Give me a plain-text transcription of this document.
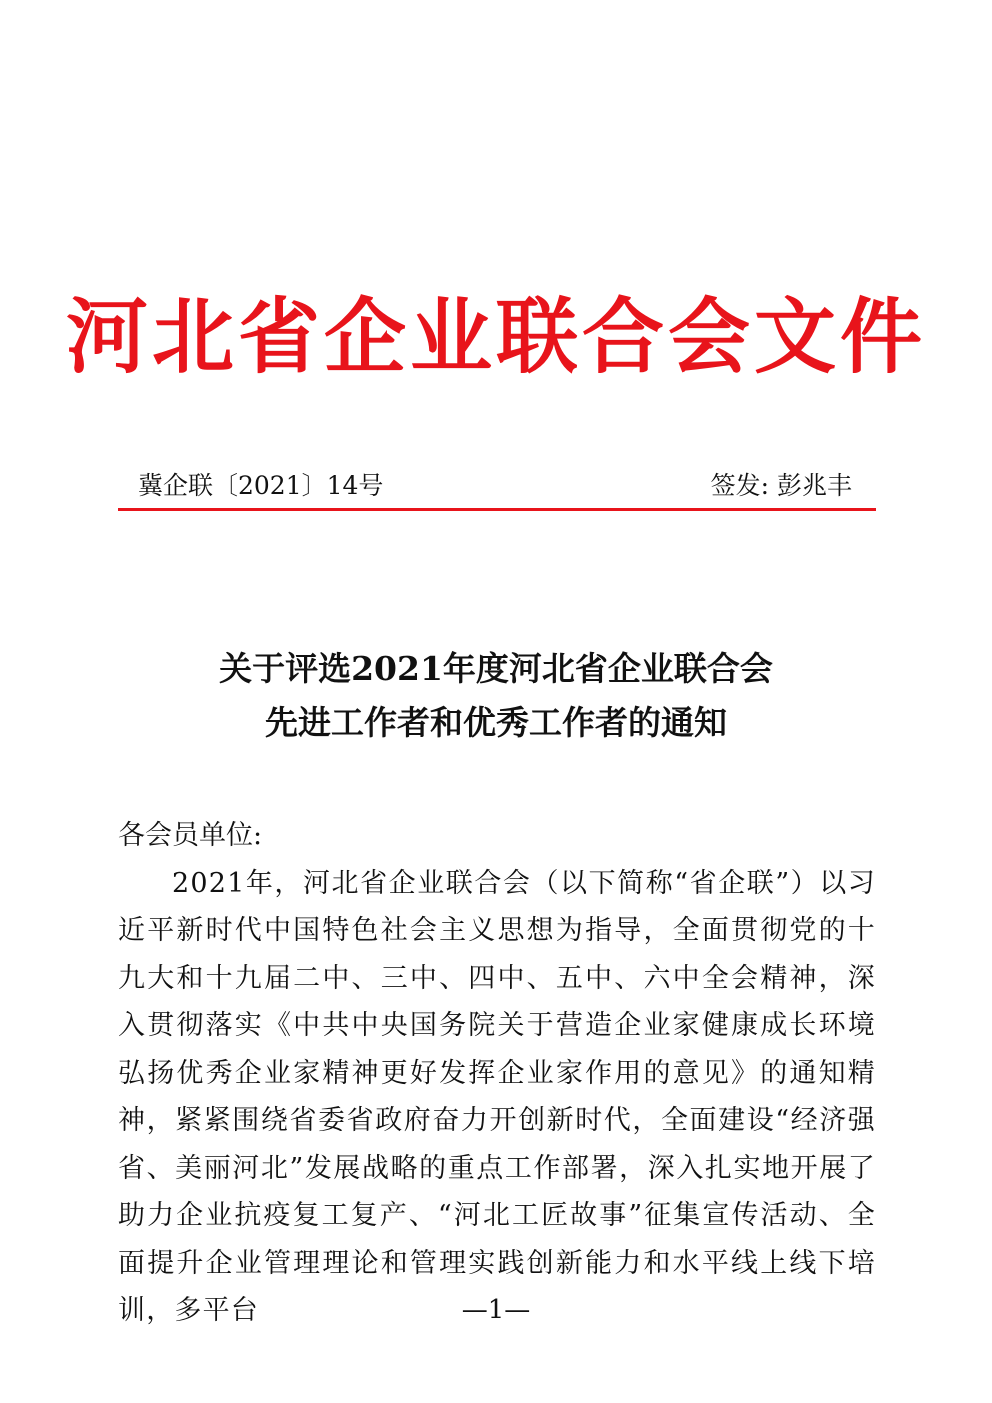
河北省企业联合会文件
冀企联〔2021〕14号	签发: 彭兆丰
关于评选2021年度河北省企业联合会
先进工作者和优秀工作者的通知
各会员单位:
2021年，河北省企业联合会（以下简称“省企联”）以习近平新时代中国特色社会主义思想为指导，全面贯彻党的十九大和十九届二中、三中、四中、五中、六中全会精神，深入贯彻落实《中共中央国务院关于营造企业家健康成长环境弘扬优秀企业家精神更好发挥企业家作用的意见》的通知精神，紧紧围绕省委省政府奋力开创新时代，全面建设“经济强省、美丽河北”发展战略的重点工作部署，深入扎实地开展了助力企业抗疫复工复产、“河北工匠故事”征集宣传活动、全面提升企业管理理论和管理实践创新能力和水平线上线下培训，多平台	—1—
